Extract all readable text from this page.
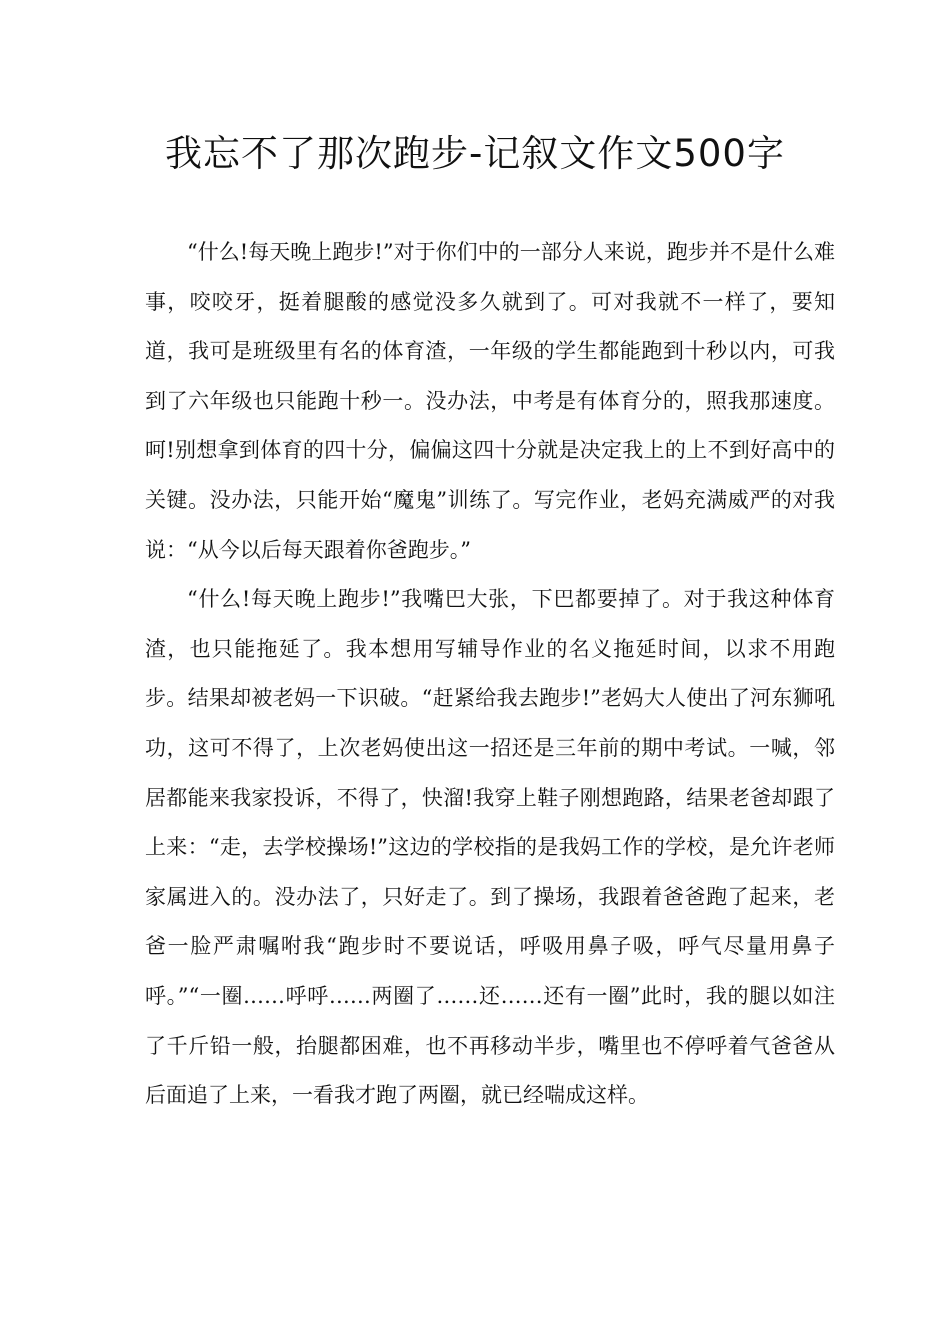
我忘不了那次跑步-记叙文作文500字

“什么!每天晚上跑步!”对于你们中的一部分人来说，跑步并不是什么难事，咬咬牙，挺着腿酸的感觉没多久就到了。可对我就不一样了，要知道，我可是班级里有名的体育渣，一年级的学生都能跑到十秒以内，可我到了六年级也只能跑十秒一。没办法，中考是有体育分的，照我那速度。呵!别想拿到体育的四十分，偏偏这四十分就是决定我上的上不到好高中的关键。没办法，只能开始“魔鬼”训练了。写完作业，老妈充满威严的对我说：“从今以后每天跟着你爸跑步。”

“什么!每天晚上跑步!”我嘴巴大张，下巴都要掉了。对于我这种体育渣，也只能拖延了。我本想用写辅导作业的名义拖延时间，以求不用跑步。结果却被老妈一下识破。“赶紧给我去跑步!”老妈大人使出了河东狮吼功，这可不得了，上次老妈使出这一招还是三年前的期中考试。一喊，邻居都能来我家投诉，不得了，快溜!我穿上鞋子刚想跑路，结果老爸却跟了上来：“走，去学校操场!”这边的学校指的是我妈工作的学校，是允许老师家属进入的。没办法了，只好走了。到了操场，我跟着爸爸跑了起来，老爸一脸严肃嘱咐我“跑步时不要说话，呼吸用鼻子吸，呼气尽量用鼻子呼。”“一圈……呼呼……两圈了……还……还有一圈”此时，我的腿以如注了千斤铅一般，抬腿都困难，也不再移动半步，嘴里也不停呼着气爸爸从后面追了上来，一看我才跑了两圈，就已经喘成这样。
